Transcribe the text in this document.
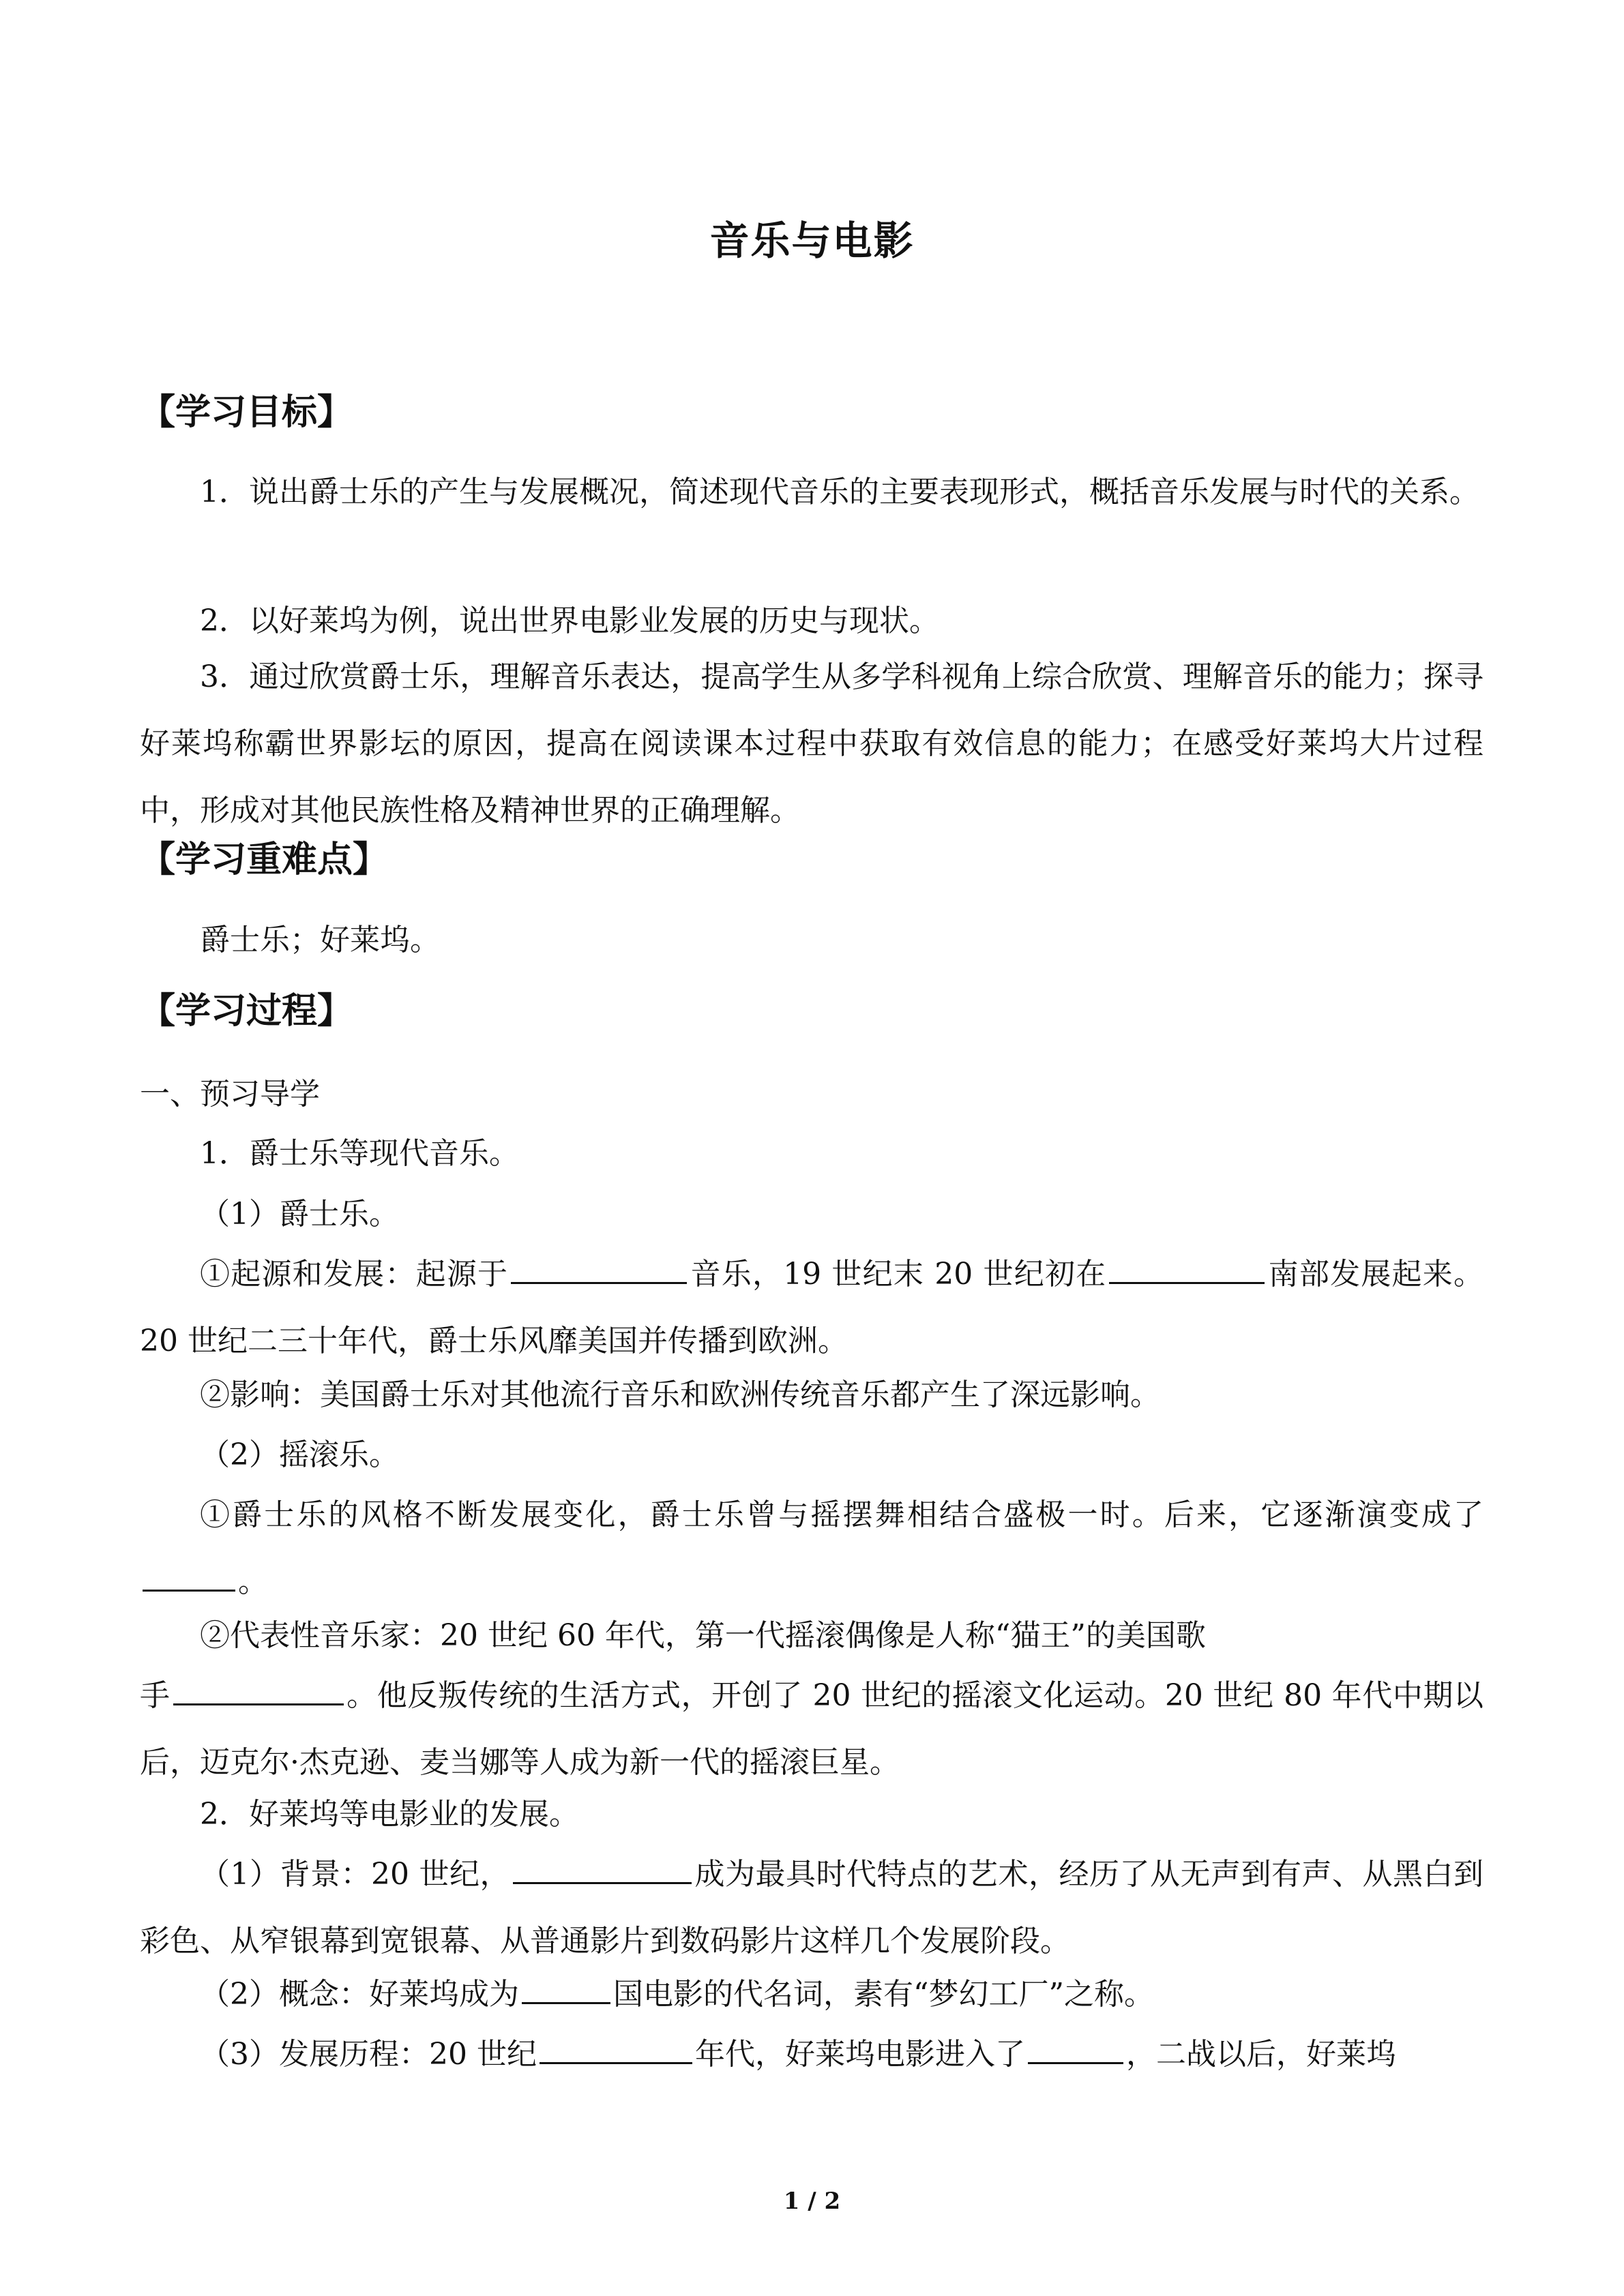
音乐与电影
【学习目标】
1．说出爵士乐的产生与发展概况，简述现代音乐的主要表现形式，概括音乐发展与时代的关系。
2．以好莱坞为例，说出世界电影业发展的历史与现状。
3．通过欣赏爵士乐，理解音乐表达，提高学生从多学科视角上综合欣赏、理解音乐的能力；探寻好莱坞称霸世界影坛的原因，提高在阅读课本过程中获取有效信息的能力；在感受好莱坞大片过程中，形成对其他民族性格及精神世界的正确理解。
【学习重难点】
爵士乐；好莱坞。
【学习过程】
一、预习导学
1．爵士乐等现代音乐。
（1）爵士乐。
①起源和发展：起源于	音乐，19 世纪末 20 世纪初在	南部发展起来。20 世纪二三十年代，爵士乐风靡美国并传播到欧洲。
②影响：美国爵士乐对其他流行音乐和欧洲传统音乐都产生了深远影响。
（2）摇滚乐。
①爵士乐的风格不断发展变化，爵士乐曾与摇摆舞相结合盛极一时。后来，它逐渐演变成了。
②代表性音乐家：20 世纪 60 年代，第一代摇滚偶像是人称“猫王”的美国歌
手	。他反叛传统的生活方式，开创了 20 世纪的摇滚文化运动。20 世纪 80 年代中期以后，迈克尔·杰克逊、麦当娜等人成为新一代的摇滚巨星。
2．好莱坞等电影业的发展。
（1）背景：20 世纪，	成为最具时代特点的艺术，经历了从无声到有声、从黑白到彩色、从窄银幕到宽银幕、从普通影片到数码影片这样几个发展阶段。
（2）概念：好莱坞成为	国电影的代名词，素有“梦幻工厂”之称。
（3）发展历程：20 世纪	年代，好莱坞电影进入了	，二战以后，好莱坞
1 / 2
